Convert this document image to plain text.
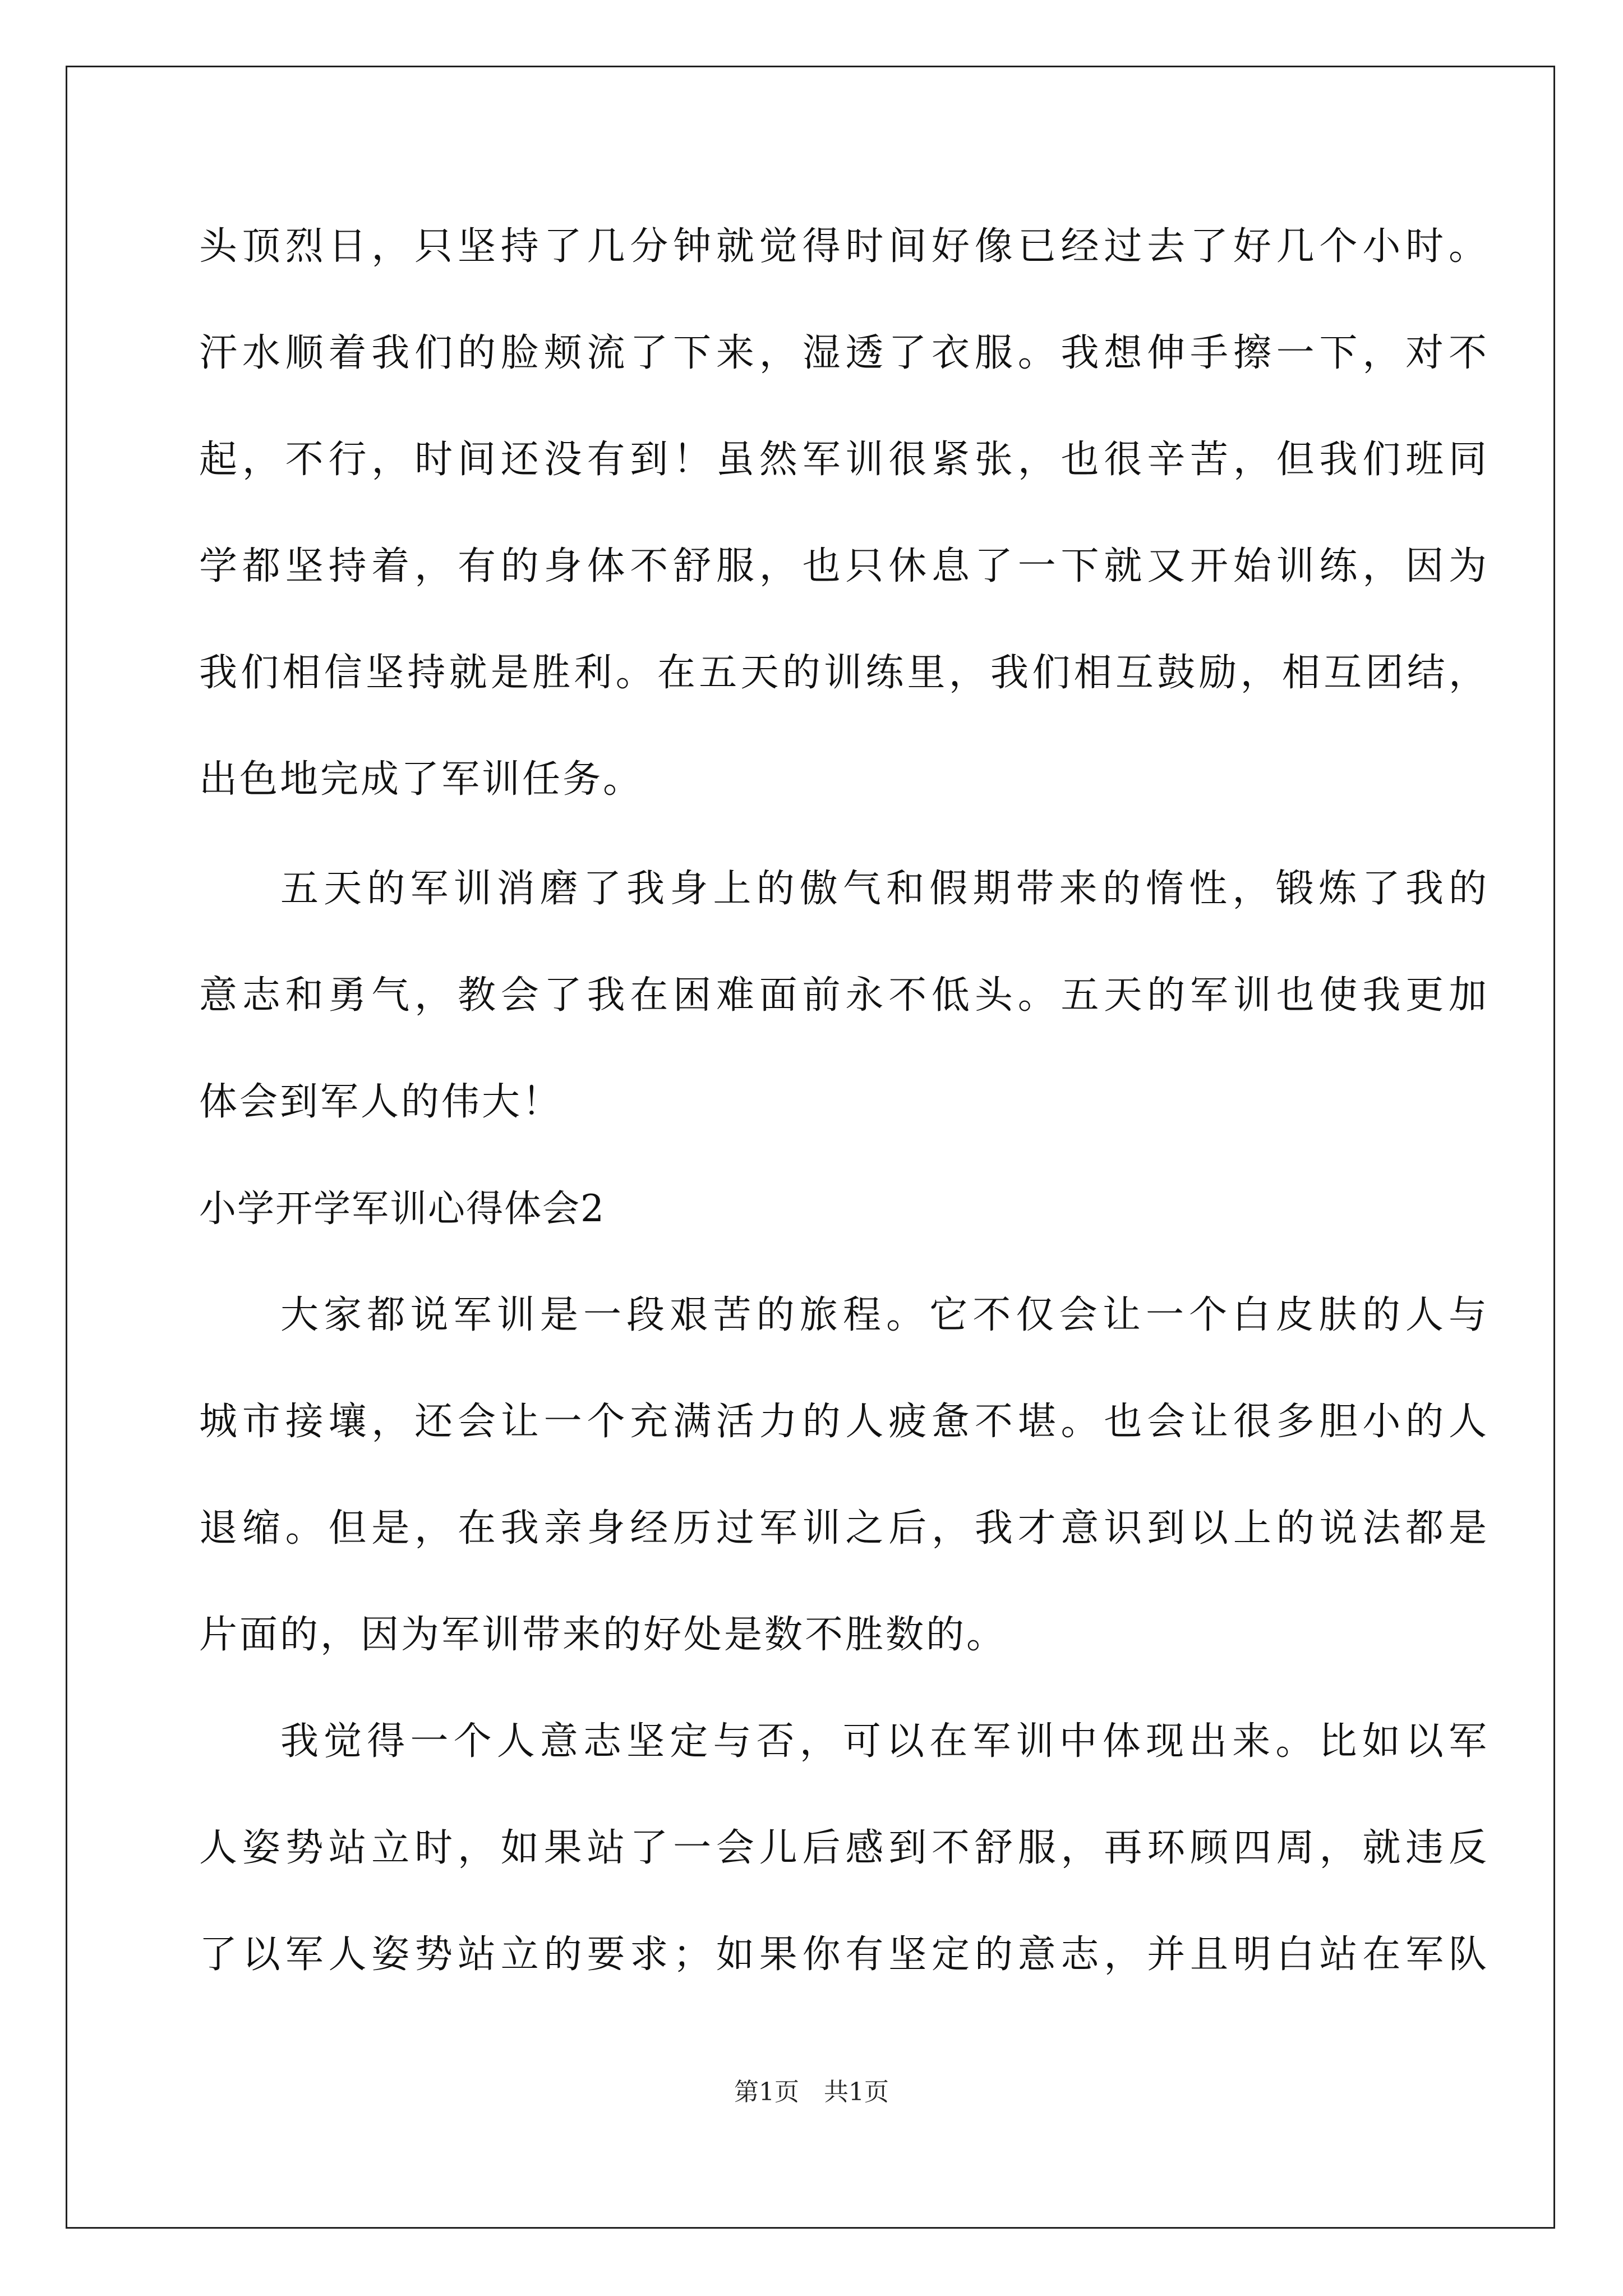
头顶烈日，只坚持了几分钟就觉得时间好像已经过去了好几个小时。
汗水顺着我们的脸颊流了下来，湿透了衣服。我想伸手擦一下，对不
起，不行，时间还没有到！虽然军训很紧张，也很辛苦，但我们班同
学都坚持着，有的身体不舒服，也只休息了一下就又开始训练，因为
我们相信坚持就是胜利。在五天的训练里，我们相互鼓励，相互团结，
出色地完成了军训任务。
五天的军训消磨了我身上的傲气和假期带来的惰性，锻炼了我的
意志和勇气，教会了我在困难面前永不低头。五天的军训也使我更加
体会到军人的伟大！
小学开学军训心得体会2
大家都说军训是一段艰苦的旅程。它不仅会让一个白皮肤的人与
城市接壤，还会让一个充满活力的人疲惫不堪。也会让很多胆小的人
退缩。但是，在我亲身经历过军训之后，我才意识到以上的说法都是
片面的，因为军训带来的好处是数不胜数的。
我觉得一个人意志坚定与否，可以在军训中体现出来。比如以军
人姿势站立时，如果站了一会儿后感到不舒服，再环顾四周，就违反
了以军人姿势站立的要求；如果你有坚定的意志，并且明白站在军队
第1页　共1页
